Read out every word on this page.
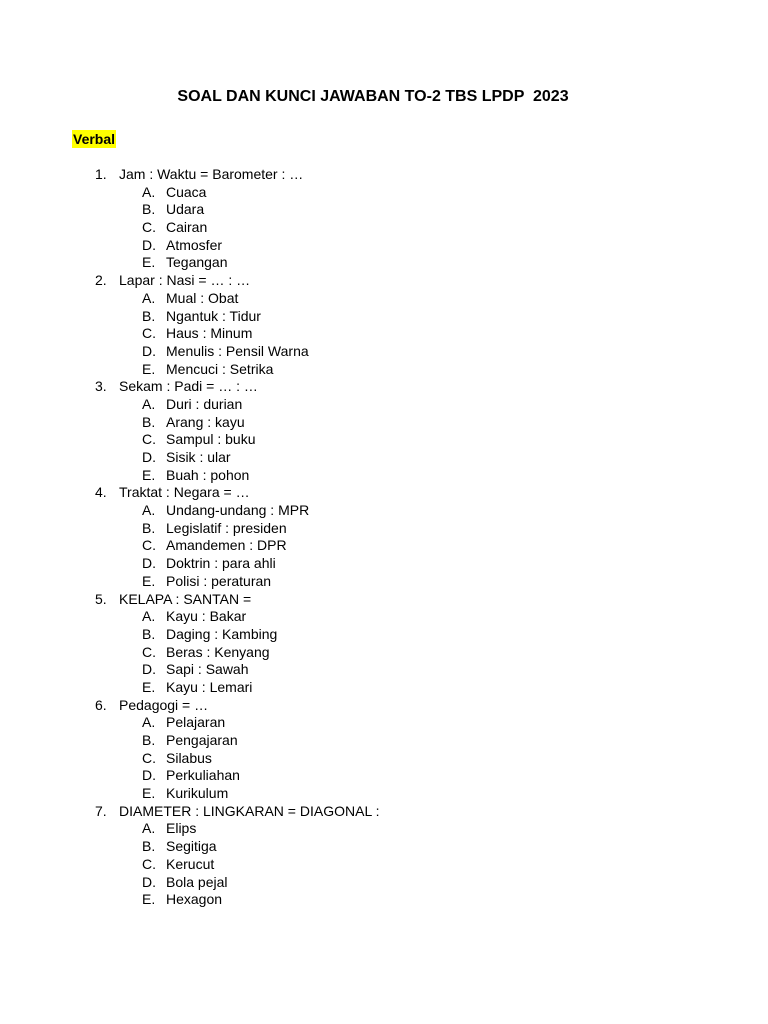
SOAL DAN KUNCI JAWABAN TO-2 TBS LPDP  2023
Verbal
1. Jam : Waktu = Barometer : …
A. Cuaca
B. Udara
C. Cairan
D. Atmosfer
E. Tegangan
2. Lapar : Nasi = … : …
A. Mual : Obat
B. Ngantuk : Tidur
C. Haus : Minum
D. Menulis : Pensil Warna
E. Mencuci : Setrika
3. Sekam : Padi = … : …
A. Duri : durian
B. Arang : kayu
C. Sampul : buku
D. Sisik : ular
E. Buah : pohon
4. Traktat : Negara = …
A. Undang-undang : MPR
B. Legislatif : presiden
C. Amandemen : DPR
D. Doktrin : para ahli
E. Polisi : peraturan
5. KELAPA : SANTAN =
A. Kayu : Bakar
B. Daging : Kambing
C. Beras : Kenyang
D. Sapi : Sawah
E. Kayu : Lemari
6. Pedagogi = …
A. Pelajaran
B. Pengajaran
C. Silabus
D. Perkuliahan
E. Kurikulum
7. DIAMETER : LINGKARAN = DIAGONAL :
A. Elips
B. Segitiga
C. Kerucut
D. Bola pejal
E. Hexagon
